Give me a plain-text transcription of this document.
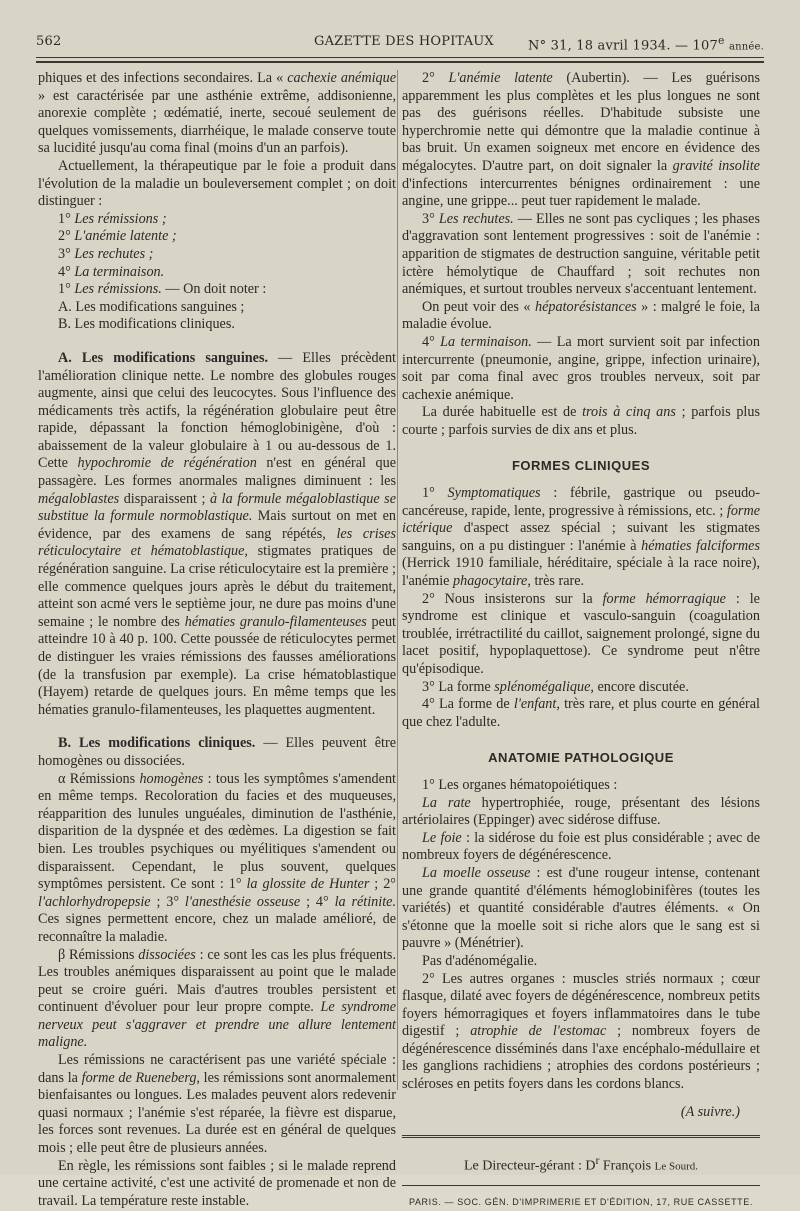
562	GAZETTE DES HOPITAUX	N° 31, 18 avril 1934. — 107e année.

phiques et des infections secondaires. La « cachexie anémique » est caractérisée par une asthénie extrême, addisonienne, anorexie complète ; œdématié, inerte, secoué seulement de quelques vomissements, diarrhéique, le malade conserve toute sa lucidité jusqu'au coma final (moins d'un an parfois).

Actuellement, la thérapeutique par le foie a produit dans l'évolution de la maladie un bouleversement complet ; on doit distinguer :

1° Les rémissions ;

2° L'anémie latente ;

3° Les rechutes ;

4° La terminaison.

1° Les rémissions. — On doit noter :

A. Les modifications sanguines ;

B. Les modifications cliniques.

A. Les modifications sanguines. — Elles précèdent l'amélioration clinique nette. Le nombre des globules rouges augmente, ainsi que celui des leucocytes. Sous l'influence des médicaments très actifs, la régénération globulaire peut être rapide, dépassant la fonction hémoglobinigène, d'où : abaissement de la valeur globulaire à 1 ou au-dessous de 1. Cette hypochromie de régénération n'est en général que passagère. Les formes anormales malignes diminuent : les mégaloblastes disparaissent ; à la formule mégaloblastique se substitue la formule normoblastique. Mais surtout on met en évidence, par des examens de sang répétés, les crises réticulocytaire et hématoblastique, stigmates pratiques de régénération sanguine. La crise réticulocytaire est la première ; elle commence quelques jours après le début du traitement, atteint son acmé vers le septième jour, ne dure pas moins d'une semaine ; le nombre des hématies granulo-filamenteuses peut atteindre 10 à 40 p. 100. Cette poussée de réticulocytes permet de distinguer les vraies rémissions des fausses améliorations (de la transfusion par exemple). La crise hématoblastique (Hayem) retarde de quelques jours. En même temps que les hématies granulo-filamenteuses, les plaquettes augmentent.

B. Les modifications cliniques. — Elles peuvent être homogènes ou dissociées.

α Rémissions homogènes : tous les symptômes s'amendent en même temps. Recoloration du facies et des muqueuses, réapparition des lunules unguéales, diminution de l'asthénie, disparition de la dyspnée et des œdèmes. La digestion se fait bien. Les troubles psychiques ou myélitiques s'amendent ou disparaissent. Cependant, le plus souvent, quelques symptômes persistent. Ce sont : 1° la glossite de Hunter ; 2° l'achlorhydropepsie ; 3° l'anesthésie osseuse ; 4° la rétinite. Ces signes permettent encore, chez un malade amélioré, de reconnaître la maladie.

β Rémissions dissociées : ce sont les cas les plus fréquents. Les troubles anémiques disparaissent au point que le malade peut se croire guéri. Mais d'autres troubles persistent et continuent d'évoluer pour leur propre compte. Le syndrome nerveux peut s'aggraver et prendre une allure lentement maligne.

Les rémissions ne caractérisent pas une variété spéciale : dans la forme de Rueneberg, les rémissions sont anormalement bienfaisantes ou longues. Les malades peuvent alors redevenir quasi normaux ; l'anémie s'est réparée, la fièvre est disparue, les forces sont revenues. La durée est en général de quelques mois ; elle peut être de plusieurs années.

En règle, les rémissions sont faibles ; si le malade reprend une certaine activité, c'est une activité de promenade et non de travail. La température reste instable.

2° L'anémie latente (Aubertin). — Les guérisons apparemment les plus complètes et les plus longues ne sont pas des guérisons réelles. D'habitude subsiste une hyperchromie nette qui démontre que la maladie continue à bas bruit. Un examen soigneux met encore en évidence des mégalocytes. D'autre part, on doit signaler la gravité insolite d'infections intercurrentes bénignes ordinairement : une angine, une grippe... peut tuer rapidement le malade.

3° Les rechutes. — Elles ne sont pas cycliques ; les phases d'aggravation sont lentement progressives : soit de l'anémie : apparition de stigmates de destruction sanguine, véritable petit ictère hémolytique de Chauffard ; soit rechutes non anémiques, et surtout troubles nerveux s'accentuant lentement.

On peut voir des « hépatorésistances » : malgré le foie, la maladie évolue.

4° La terminaison. — La mort survient soit par infection intercurrente (pneumonie, angine, grippe, infection urinaire), soit par coma final avec gros troubles nerveux, soit par cachexie anémique.

La durée habituelle est de trois à cinq ans ; parfois plus courte ; parfois survies de dix ans et plus.

FORMES CLINIQUES

1° Symptomatiques : fébrile, gastrique ou pseudo-cancéreuse, rapide, lente, progressive à rémissions, etc. ; forme ictérique d'aspect assez spécial ; suivant les stigmates sanguins, on a pu distinguer : l'anémie à hématies falciformes (Herrick 1910 familiale, héréditaire, spéciale à la race noire), l'anémie phagocytaire, très rare.

2° Nous insisterons sur la forme hémorragique : le syndrome est clinique et vasculo-sanguin (coagulation troublée, irrétractilité du caillot, saignement prolongé, signe du lacet positif, hypoplaquettose). Ce syndrome peut n'être qu'épisodique.

3° La forme splénomégalique, encore discutée.

4° La forme de l'enfant, très rare, et plus courte en général que chez l'adulte.

ANATOMIE PATHOLOGIQUE

1° Les organes hématopoiétiques :

La rate hypertrophiée, rouge, présentant des lésions artériolaires (Eppinger) avec sidérose diffuse.

Le foie : la sidérose du foie est plus considérable ; avec de nombreux foyers de dégénérescence.

La moelle osseuse : est d'une rougeur intense, contenant une grande quantité d'éléments hémoglobinifères (toutes les variétés) et quantité considérable d'autres éléments. « On s'étonne que la moelle soit si riche alors que le sang est si pauvre » (Ménétrier).

Pas d'adénomégalie.

2° Les autres organes : muscles striés normaux ; cœur flasque, dilaté avec foyers de dégénérescence, nombreux petits foyers hémorragiques et foyers inflammatoires dans le tube digestif ; atrophie de l'estomac ; nombreux foyers de dégénérescence disséminés dans l'axe encéphalo-médullaire et les ganglions rachidiens ; atrophies des cordons postérieurs ; scléroses en petits foyers dans les cordons blancs.

(A suivre.)
Le Directeur-gérant : $D^r$ François Le Sourd.
PARIS. — SOC. GÉN. D'IMPRIMERIE ET D'ÉDITION, 17, RUE CASSETTE.
